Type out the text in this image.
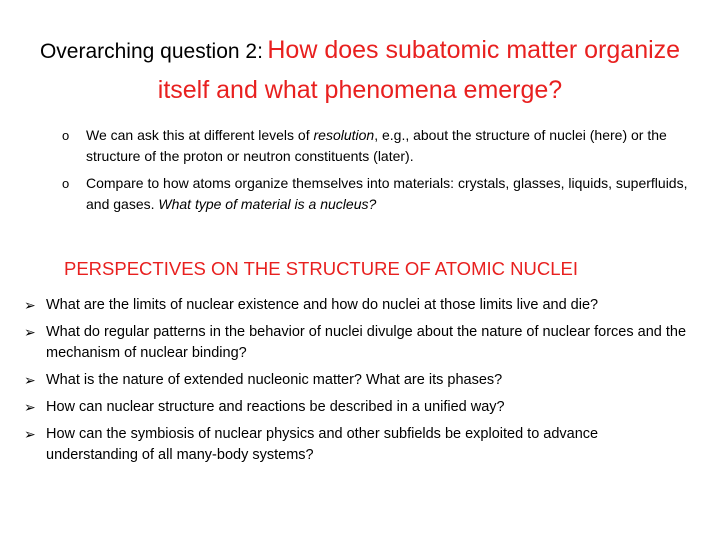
Overarching question 2: How does subatomic matter organize itself and what phenomena emerge?
o We can ask this at different levels of resolution, e.g., about the structure of nuclei (here) or the structure of the proton or neutron constituents (later).
o Compare to how atoms organize themselves into materials: crystals, glasses, liquids, superfluids, and gases. What type of material is a nucleus?
PERSPECTIVES ON THE STRUCTURE OF ATOMIC NUCLEI
➢ What are the limits of nuclear existence and how do nuclei at those limits live and die?
➢ What do regular patterns in the behavior of nuclei divulge about the nature of nuclear forces and the mechanism of nuclear binding?
➢ What is the nature of extended nucleonic matter? What are its phases?
➢ How can nuclear structure and reactions be described in a unified way?
➢ How can the symbiosis of nuclear physics and other subfields be exploited to advance understanding of all many-body systems?
